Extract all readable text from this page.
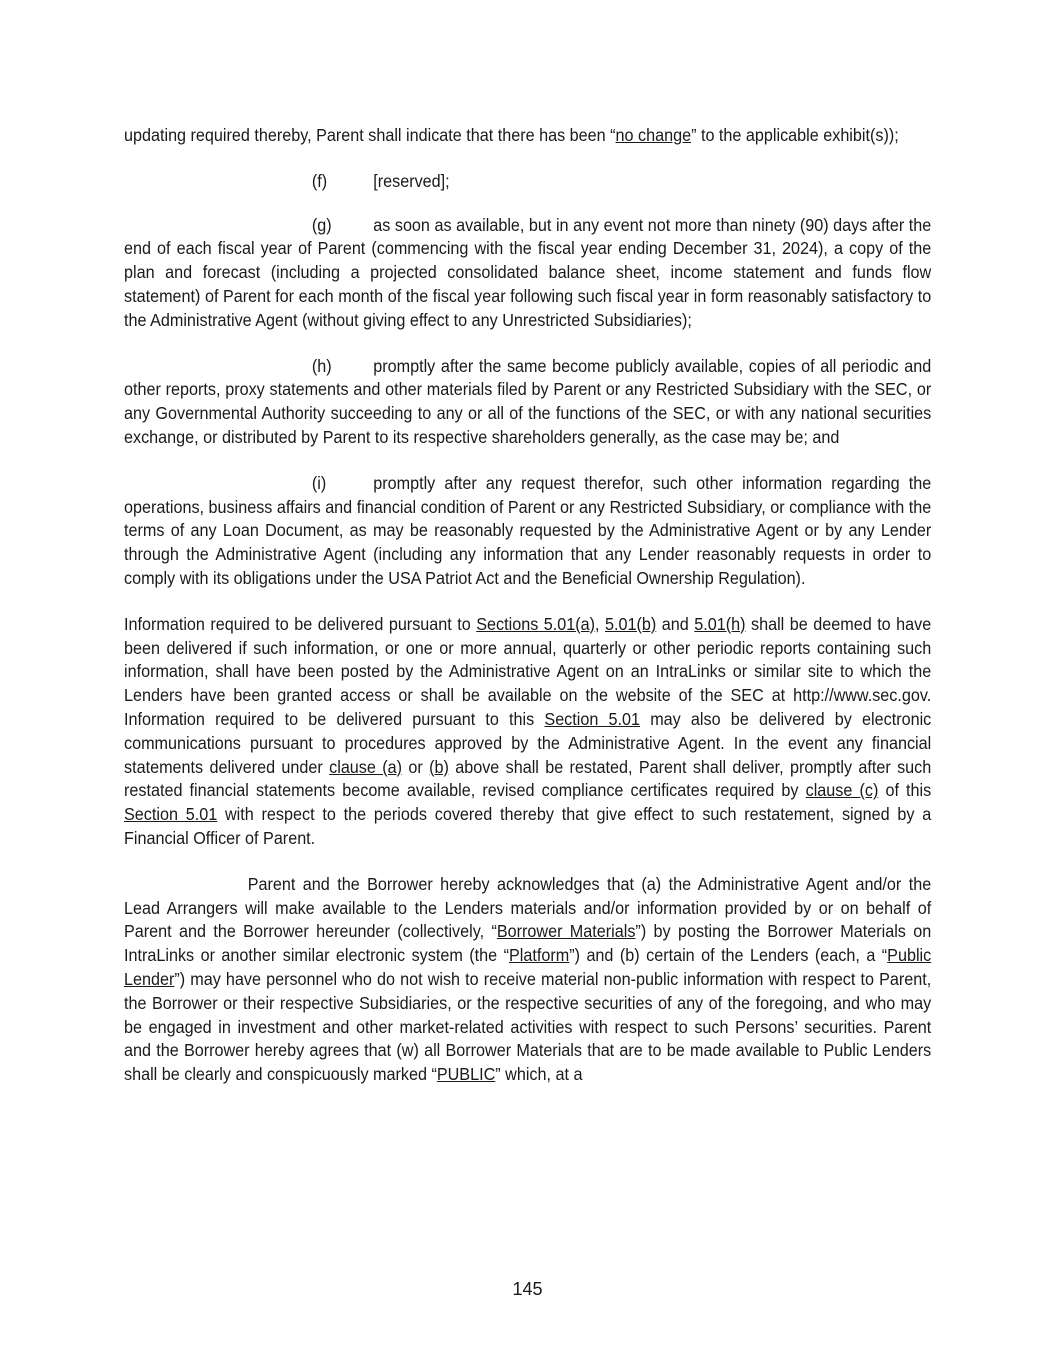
updating required thereby, Parent shall indicate that there has been “no change” to the applicable exhibit(s));

(f)	[reserved];

(g) as soon as available, but in any event not more than ninety (90) days after the end of each fiscal year of Parent (commencing with the fiscal year ending December 31, 2024), a copy of the plan and forecast (including a projected consolidated balance sheet, income statement and funds flow statement) of Parent for each month of the fiscal year following such fiscal year in form reasonably satisfactory to the Administrative Agent (without giving effect to any Unrestricted Subsidiaries);

(h) promptly after the same become publicly available, copies of all periodic and other reports, proxy statements and other materials filed by Parent or any Restricted Subsidiary with the SEC, or any Governmental Authority succeeding to any or all of the functions of the SEC, or with any national securities exchange, or distributed by Parent to its respective shareholders generally, as the case may be; and

(i)	promptly after any request therefor, such other information regarding the operations, business affairs and financial condition of Parent or any Restricted Subsidiary, or compliance with the terms of any Loan Document, as may be reasonably requested by the Administrative Agent or by any Lender through the Administrative Agent (including any information that any Lender reasonably requests in order to comply with its obligations under the USA Patriot Act and the Beneficial Ownership Regulation).

Information required to be delivered pursuant to Sections 5.01(a), 5.01(b) and 5.01(h) shall be deemed to have been delivered if such information, or one or more annual, quarterly or other periodic reports containing such information, shall have been posted by the Administrative Agent on an IntraLinks or similar site to which the Lenders have been granted access or shall be available on the website of the SEC at http://www.sec.gov. Information required to be delivered pursuant to this Section 5.01 may also be delivered by electronic communications pursuant to procedures approved by the Administrative Agent. In the event any financial statements delivered under clause (a) or (b) above shall be restated, Parent shall deliver, promptly after such restated financial statements become available, revised compliance certificates required by clause (c) of this Section 5.01 with respect to the periods covered thereby that give effect to such restatement, signed by a Financial Officer of Parent.

Parent and the Borrower hereby acknowledges that (a) the Administrative Agent and/or the Lead Arrangers will make available to the Lenders materials and/or information provided by or on behalf of Parent and the Borrower hereunder (collectively, “Borrower Materials”) by posting the Borrower Materials on IntraLinks or another similar electronic system (the “Platform”) and (b) certain of the Lenders (each, a “Public Lender”) may have personnel who do not wish to receive material non-public information with respect to Parent, the Borrower or their respective Subsidiaries, or the respective securities of any of the foregoing, and who may be engaged in investment and other market-related activities with respect to such Persons’ securities. Parent and the Borrower hereby agrees that (w) all Borrower Materials that are to be made available to Public Lenders shall be clearly and conspicuously marked “PUBLIC” which, at a

145
